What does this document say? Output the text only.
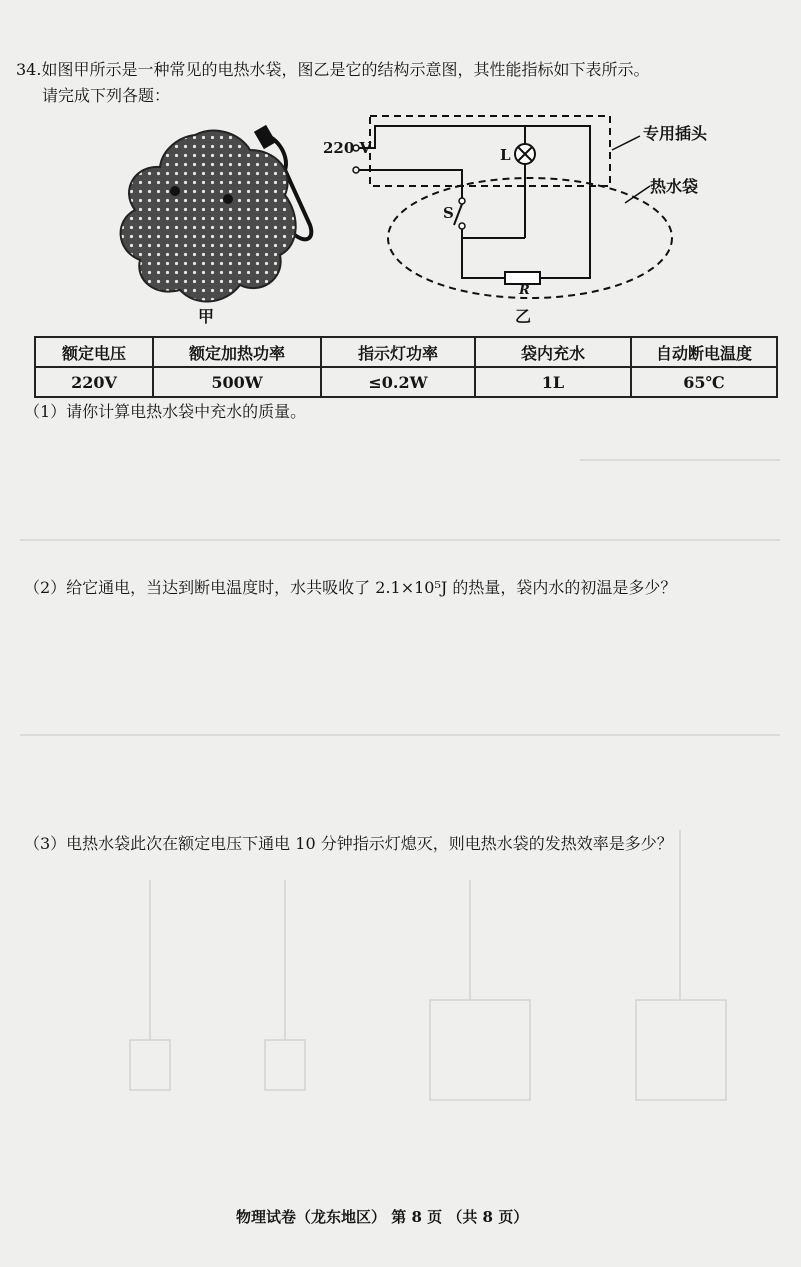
34.如图甲所示是一种常见的电热水袋，图乙是它的结构示意图，其性能指标如下表所示。
请完成下列各题：
甲
220 V	L
S
R
专用插头
热水袋
乙
额定电压	额定加热功率	指示灯功率	袋内充水	自动断电温度
220V	500W	≤0.2W	1L	65℃
（1）请你计算电热水袋中充水的质量。
（2）给它通电，当达到断电温度时，水共吸收了 2.1×10⁵J 的热量，袋内水的初温是多少？
（3）电热水袋此次在额定电压下通电 10 分钟指示灯熄灭，则电热水袋的发热效率是多少？
物理试卷（龙东地区） 第 8 页 （共 8 页）
